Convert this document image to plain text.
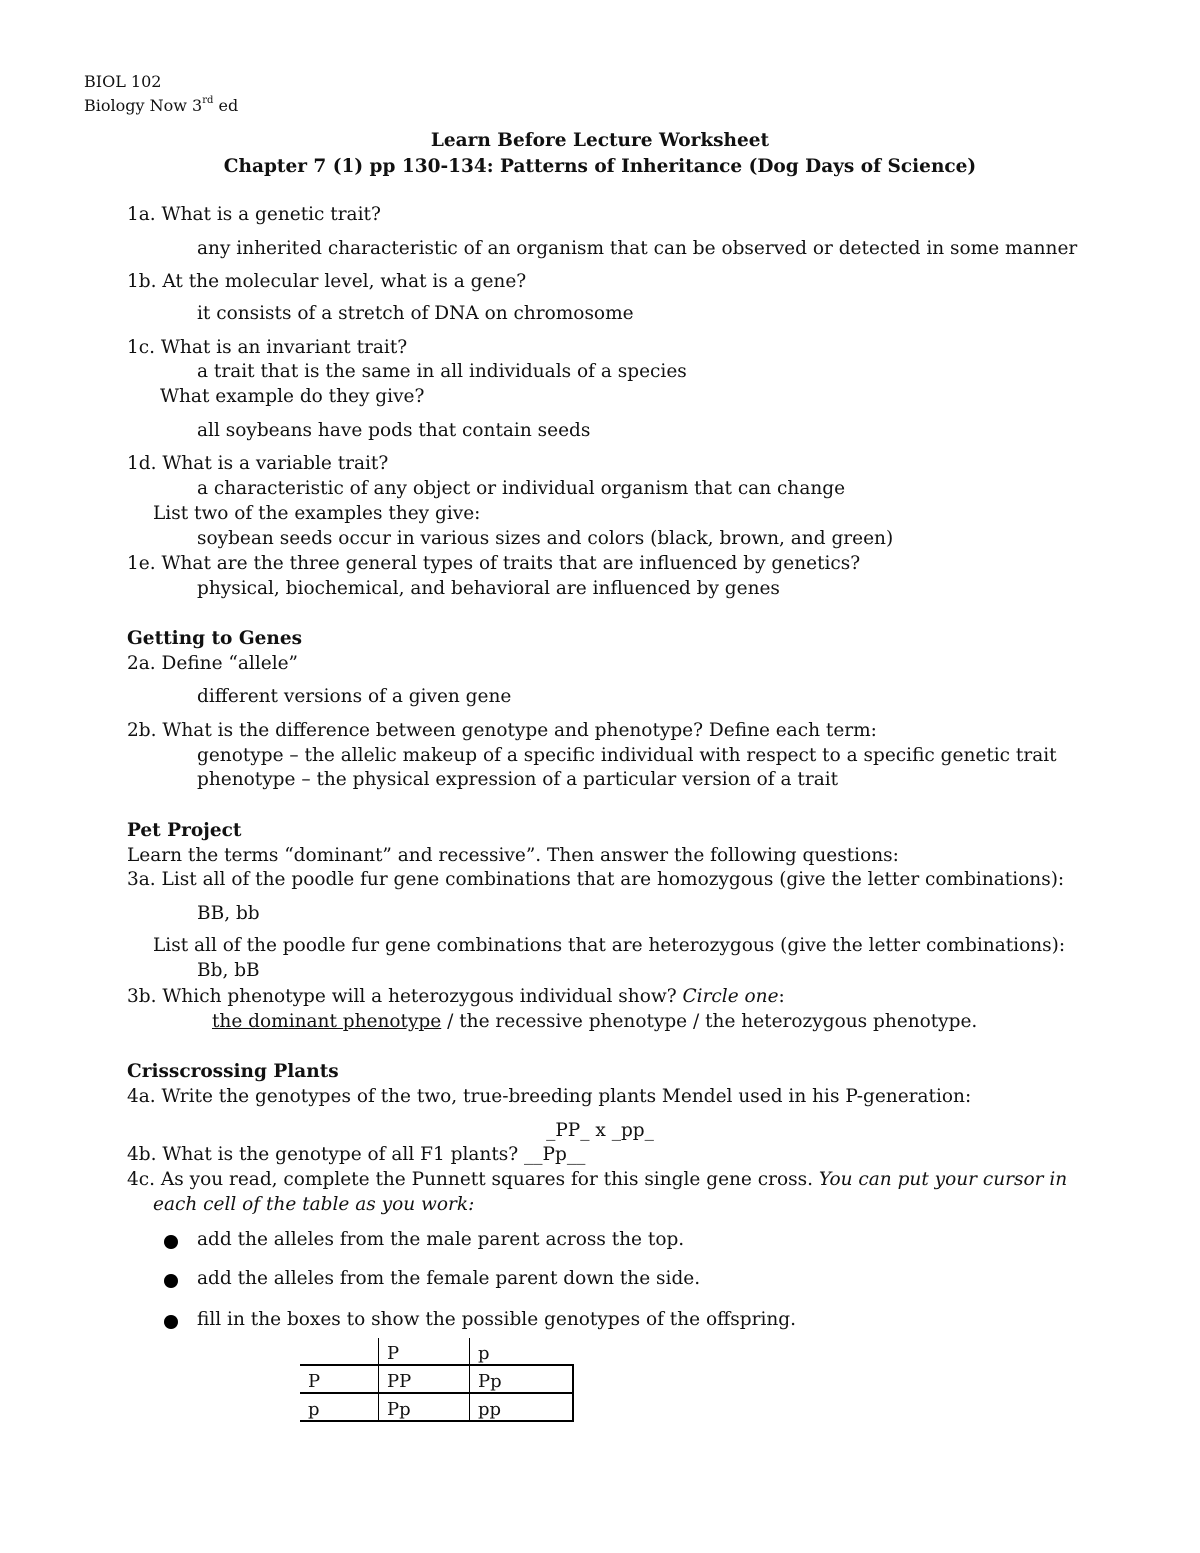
BIOL 102
Biology Now 3rd ed
Learn Before Lecture Worksheet
Chapter 7 (1) pp 130-134: Patterns of Inheritance (Dog Days of Science)
1a. What is a genetic trait?
any inherited characteristic of an organism that can be observed or detected in some manner
1b. At the molecular level, what is a gene?
it consists of a stretch of DNA on chromosome
1c. What is an invariant trait?
a trait that is the same in all individuals of a species
What example do they give?
all soybeans have pods that contain seeds
1d. What is a variable trait?
a characteristic of any object or individual organism that can change
List two of the examples they give:
soybean seeds occur in various sizes and colors (black, brown, and green)
1e. What are the three general types of traits that are influenced by genetics?
physical, biochemical, and behavioral are influenced by genes
Getting to Genes
2a. Define “allele”
different versions of a given gene
2b. What is the difference between genotype and phenotype? Define each term:
genotype – the allelic makeup of a specific individual with respect to a specific genetic trait
phenotype – the physical expression of a particular version of a trait
Pet Project
Learn the terms “dominant” and recessive”. Then answer the following questions:
3a. List all of the poodle fur gene combinations that are homozygous (give the letter combinations):
BB, bb
List all of the poodle fur gene combinations that are heterozygous (give the letter combinations):
Bb, bB
3b. Which phenotype will a heterozygous individual show? Circle one:
the dominant phenotype / the recessive phenotype / the heterozygous phenotype.
Crisscrossing Plants
4a. Write the genotypes of the two, true-breeding plants Mendel used in his P-generation:
_PP_ x _pp_
4b. What is the genotype of all F1 plants? __Pp__
4c. As you read, complete the Punnett squares for this single gene cross. You can put your cursor in
each cell of the table as you work:
add the alleles from the male parent across the top.
add the alleles from the female parent down the side.
fill in the boxes to show the possible genotypes of the offspring.
	P	p
P	PP	Pp
p	Pp	pp
